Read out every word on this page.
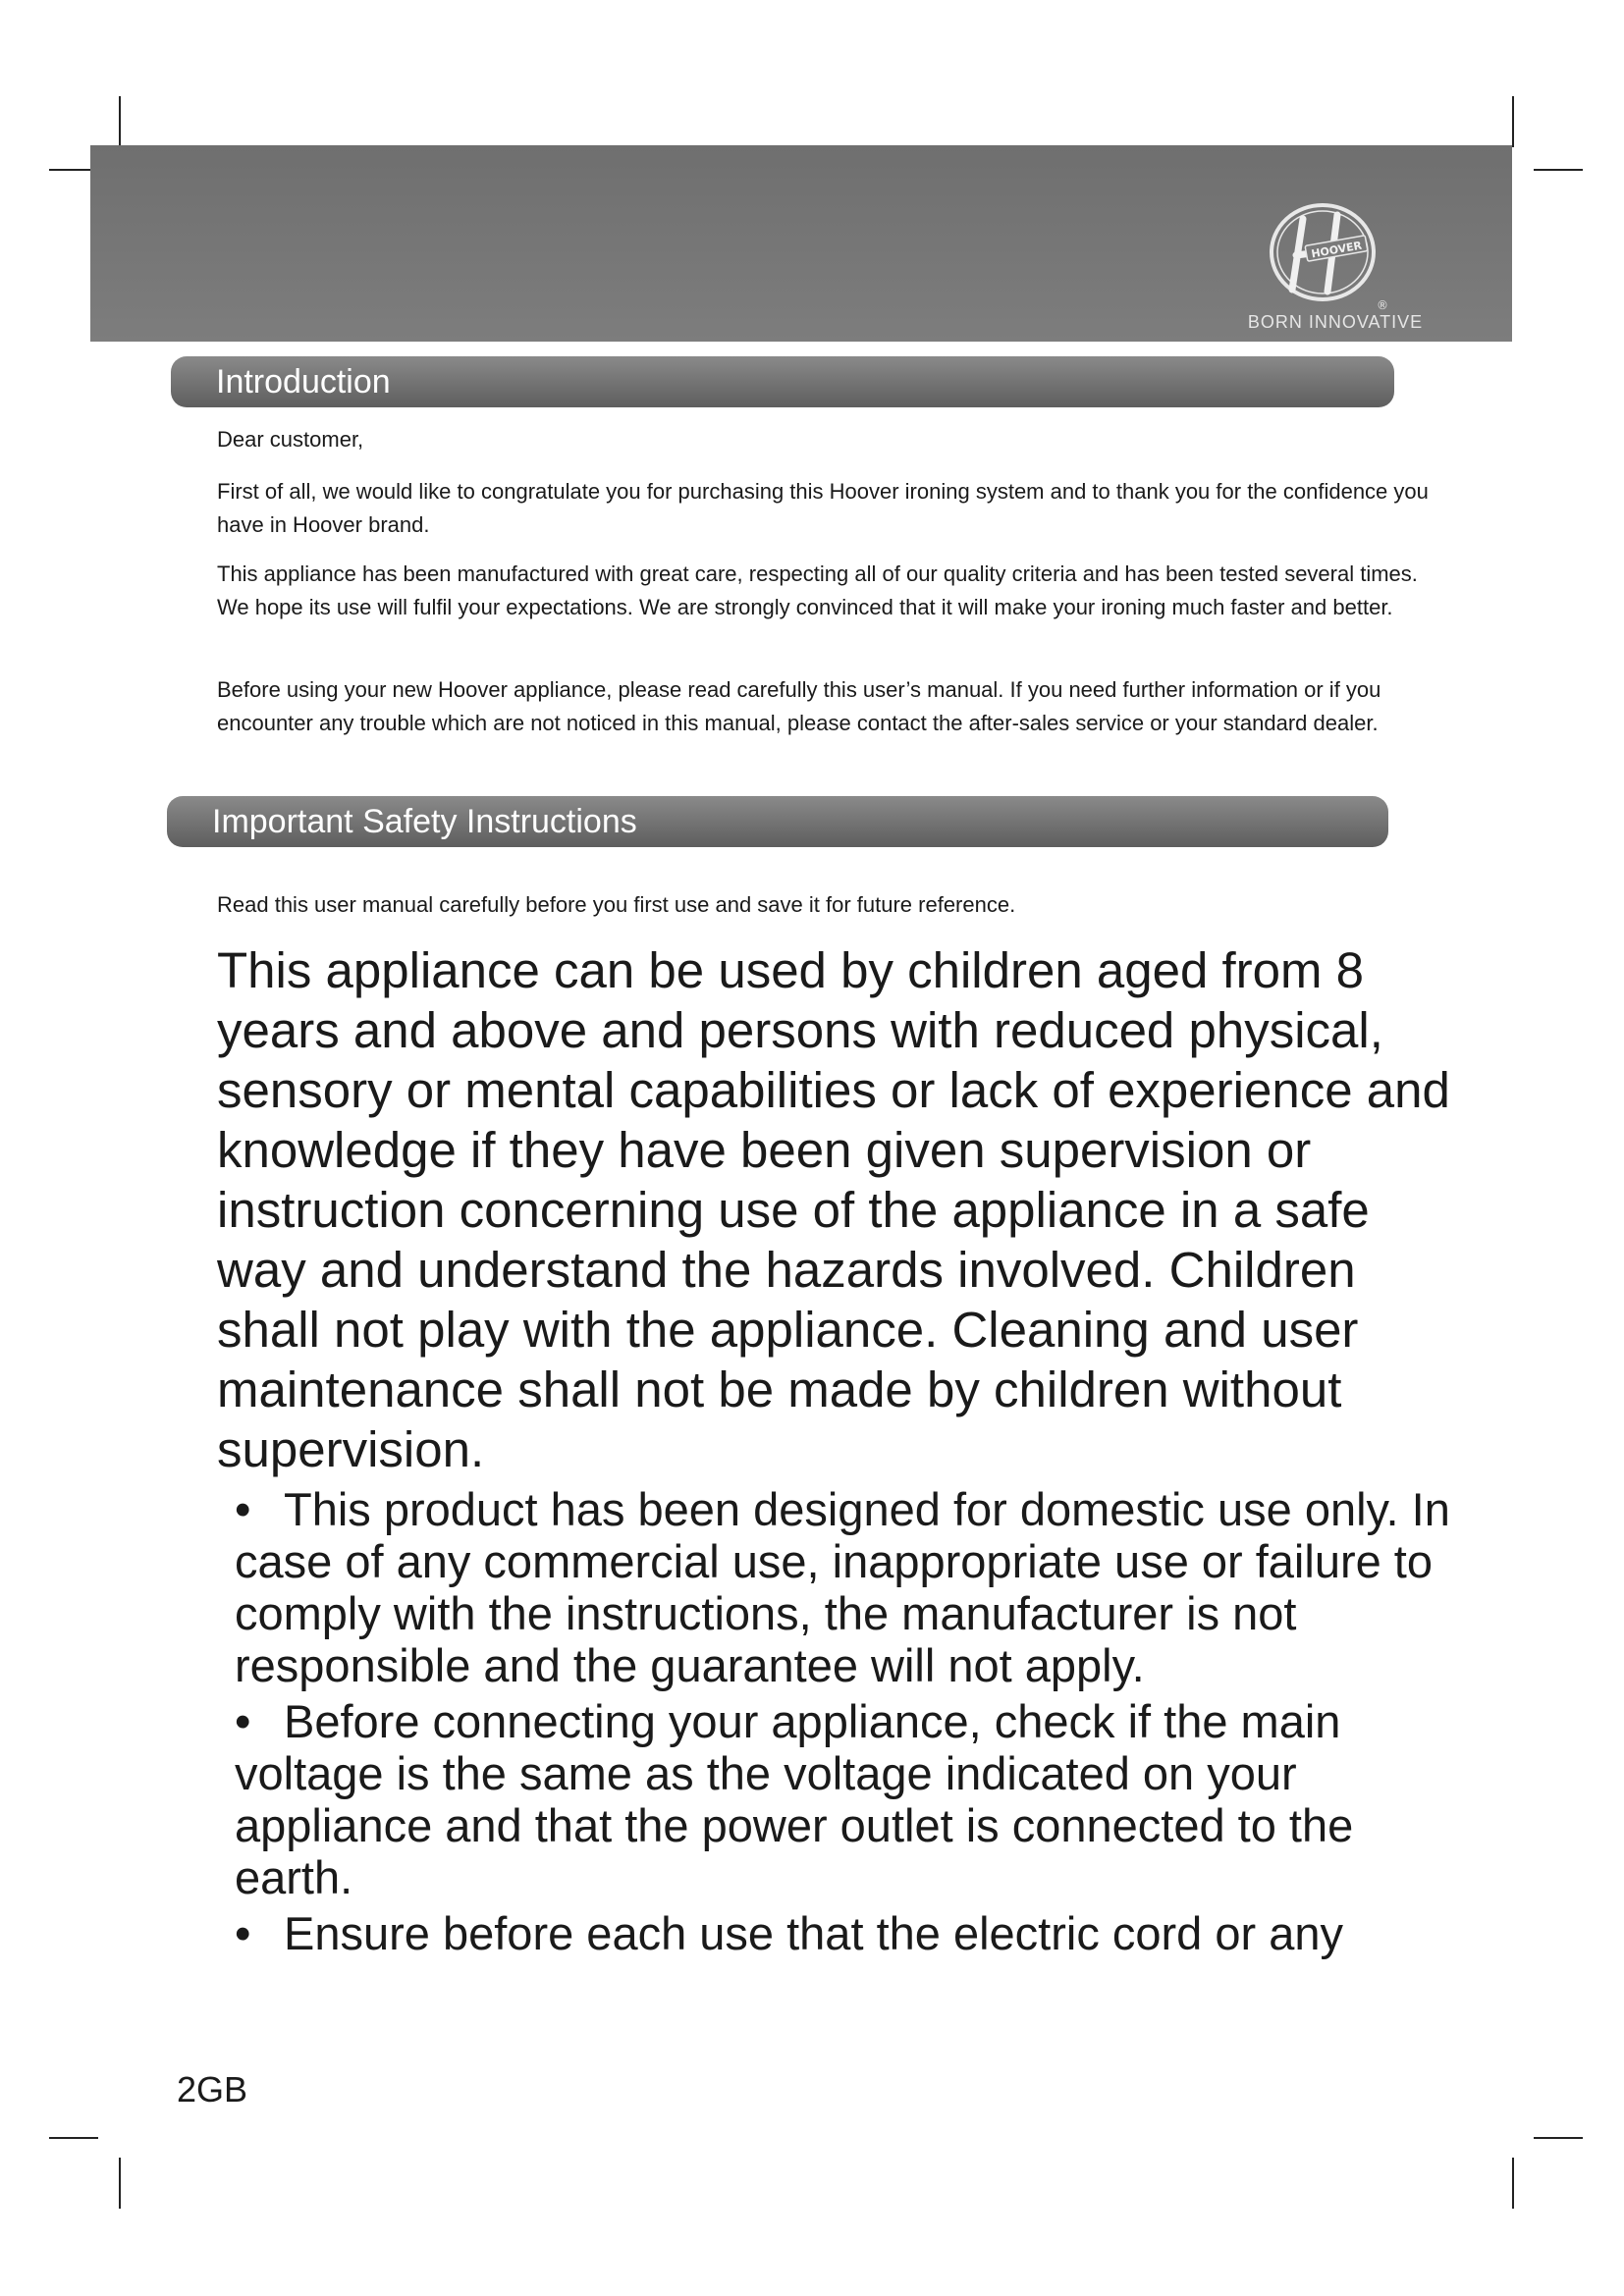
HOOVER
®
BORN INNOVATIVE
Introduction

Dear customer,

First of all, we would like to congratulate you for purchasing this Hoover ironing system and to thank you for the confidence you have in Hoover brand.

This appliance has been manufactured with great care, respecting all of our quality criteria and has been tested several times. We hope its use will fulfil your expectations. We are strongly convinced that it will make your ironing much faster and better.

Before using your new Hoover appliance, please read carefully this user’s manual. If you need further information or if you encounter any trouble which are not noticed in this manual, please contact the after-sales service or your standard dealer.

Important Safety Instructions

Read this user manual carefully before you first use and save it for future reference.

This appliance can be used by children aged from 8 years and above and persons with reduced physical, sensory or mental capabilities or lack of experience and knowledge if they have been given supervision or instruction concerning use of the appliance in a safe way and understand the hazards involved. Children shall not play with the appliance. Cleaning and user maintenance shall not be made by children without supervision.

• This product has been designed for domestic use only. In case of any commercial use, inappropriate use or failure to comply with the instructions, the manufacturer is not responsible and the guarantee will not apply.
• Before connecting your appliance, check if the main voltage is the same as the voltage indicated on your appliance and that the power outlet is connected to the earth.
• Ensure before each use that the electric cord or any
2GB
